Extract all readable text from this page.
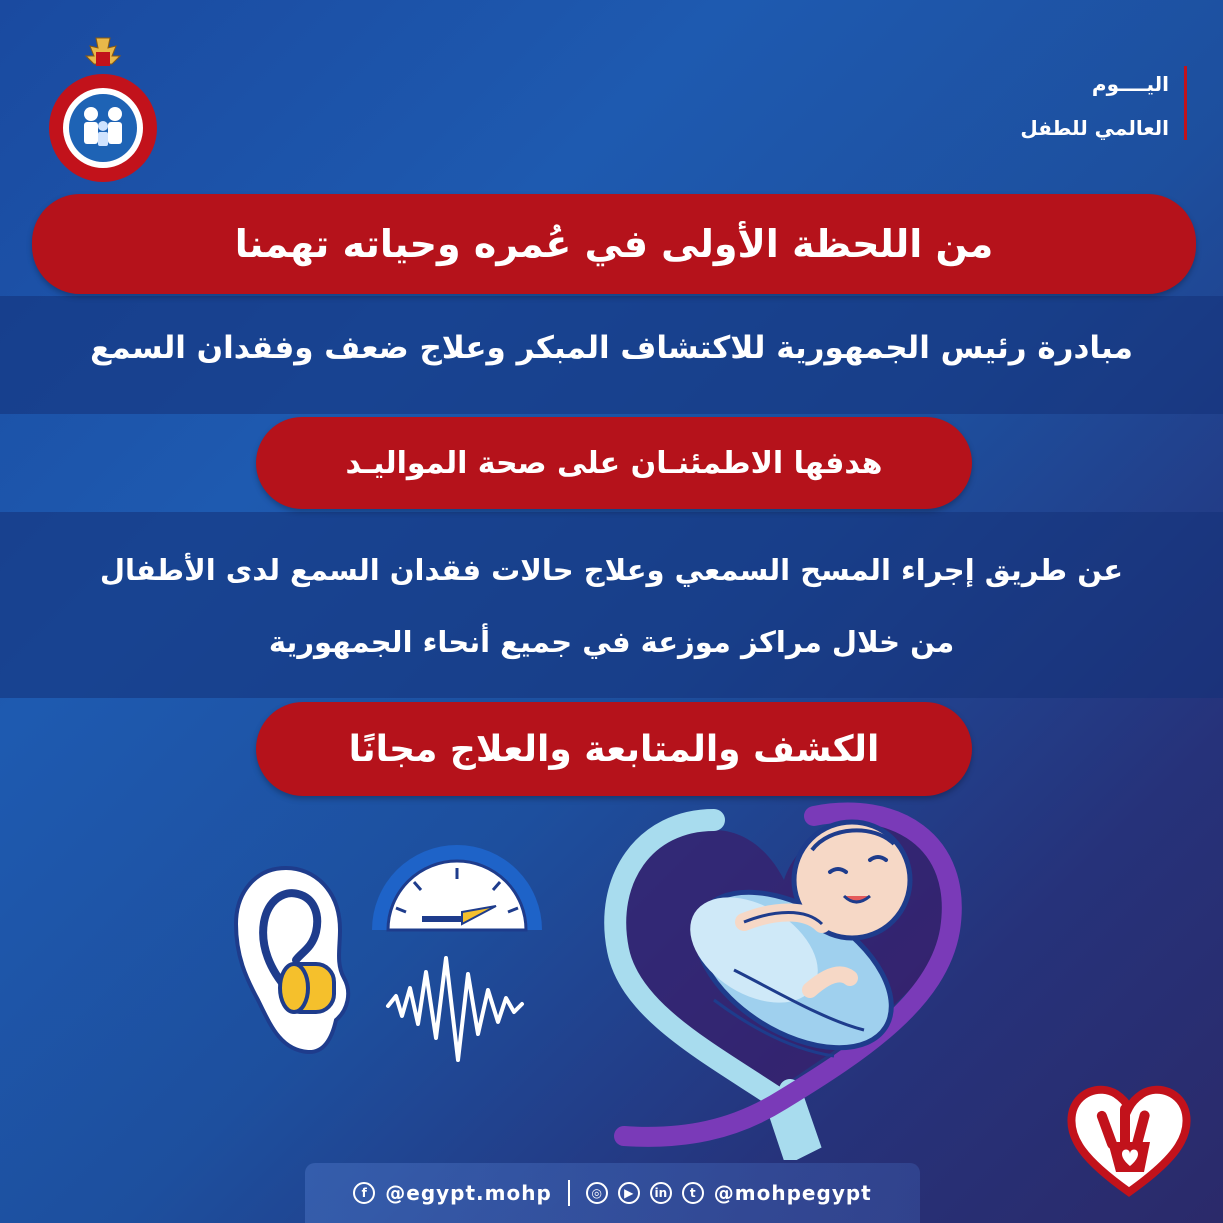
اليــــوم
العالمي للطفل
من اللحظة الأولى في عُمره وحياته تهمنا
مبادرة رئيس الجمهورية للاكتشاف المبكر وعلاج ضعف وفقدان السمع
هدفها الاطمئنـان على صحة المواليـد
عن طريق إجراء المسح السمعي وعلاج حالات فقدان السمع لدى الأطفال
من خلال مراكز موزعة في جميع أنحاء الجمهورية
الكشف والمتابعة والعلاج مجانًا
f @egypt.mohp	◎	▶	in	t @mohpegypt
